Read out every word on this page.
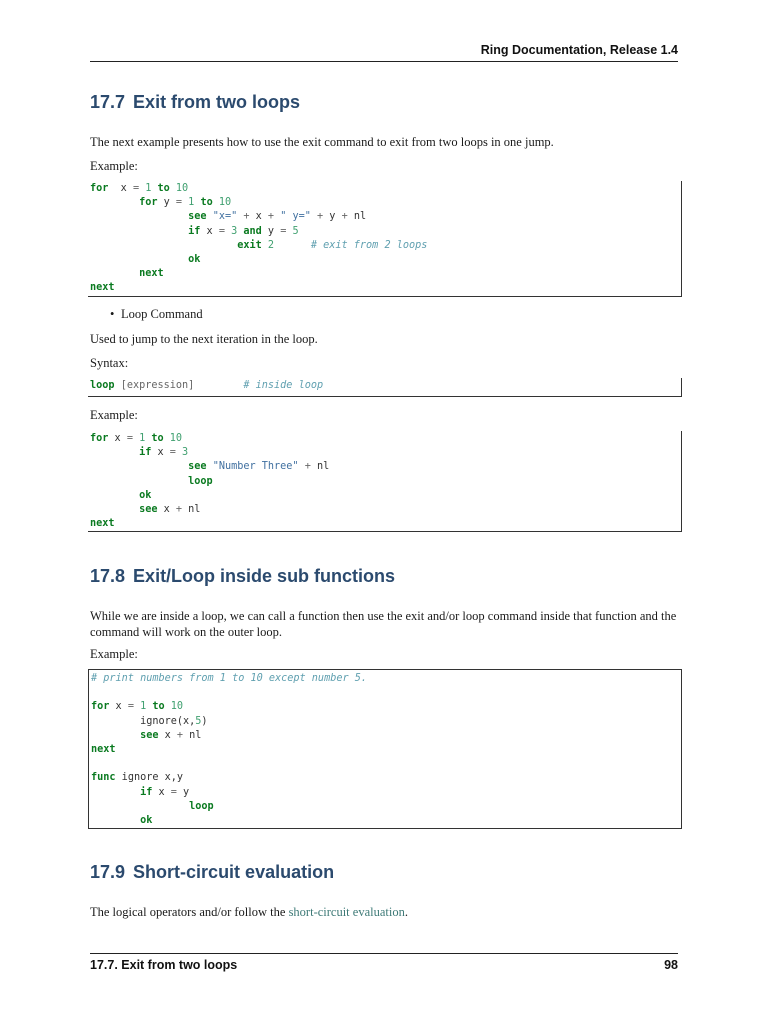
Ring Documentation, Release 1.4
17.7 Exit from two loops

The next example presents how to use the exit command to exit from two loops in one jump.

Example:

for  x = 1 to 10
for y = 1 to 10
see "x=" + x + " y=" + y + nl
if x = 3 and y = 5
exit 2	# exit from 2 loops
ok
next
next
• Loop Command

Used to jump to the next iteration in the loop.

Syntax:

loop [expression]	# inside loop

Example:

for x = 1 to 10
if x = 3
see "Number Three" + nl
loop
ok
see x + nl
next
17.8 Exit/Loop inside sub functions

While we are inside a loop, we can call a function then use the exit and/or loop command inside that function and the command will work on the outer loop.

Example:

# print numbers from 1 to 10 except number 5.
for x = 1 to 10
ignore(x,5)
see x + nl
next
func ignore x,y
if x = y
loop
ok
17.9 Short-circuit evaluation

The logical operators and/or follow the short-circuit evaluation.

17.7. Exit from two loops	98
